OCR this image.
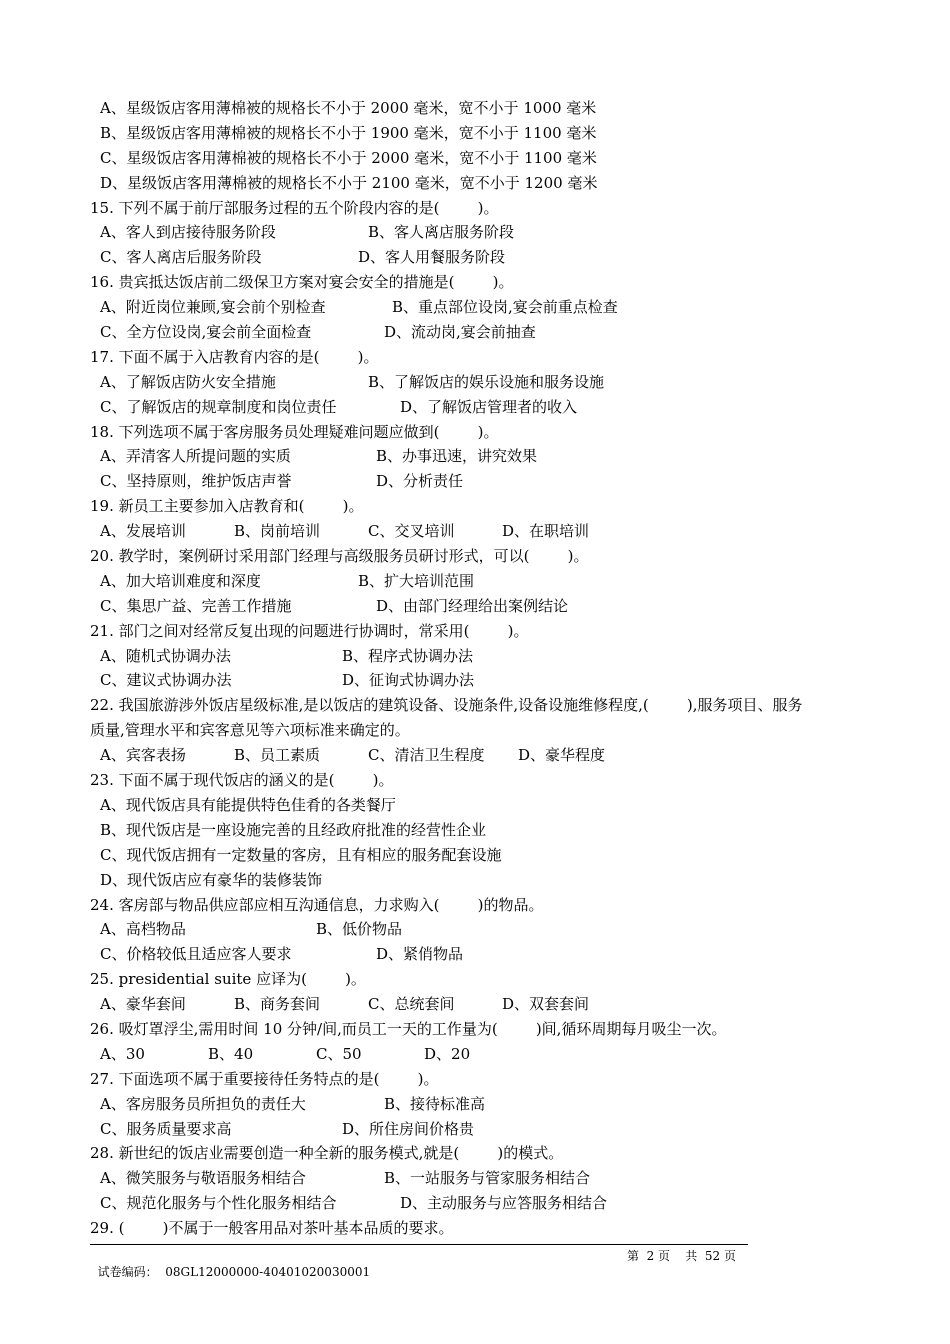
A、星级饭店客用薄棉被的规格长不小于 2000 毫米，宽不小于 1000 毫米
B、星级饭店客用薄棉被的规格长不小于 1900 毫米，宽不小于 1100 毫米
C、星级饭店客用薄棉被的规格长不小于 2000 毫米，宽不小于 1100 毫米
D、星级饭店客用薄棉被的规格长不小于 2100 毫米，宽不小于 1200 毫米
15. 下列不属于前厅部服务过程的五个阶段内容的是(        )。
A、客人到店接待服务阶段	B、客人离店服务阶段
C、客人离店后服务阶段	D、客人用餐服务阶段
16. 贵宾抵达饭店前二级保卫方案对宴会安全的措施是(        )。
A、附近岗位兼顾,宴会前个别检查	B、重点部位设岗,宴会前重点检查
C、全方位设岗,宴会前全面检查	D、流动岗,宴会前抽查
17. 下面不属于入店教育内容的是(        )。
A、了解饭店防火安全措施	B、了解饭店的娱乐设施和服务设施
C、了解饭店的规章制度和岗位责任	D、了解饭店管理者的收入
18. 下列选项不属于客房服务员处理疑难问题应做到(        )。
A、弄清客人所提问题的实质	B、办事迅速，讲究效果
C、坚持原则，维护饭店声誉	D、分析责任
19. 新员工主要参加入店教育和(        )。
A、发展培训	B、岗前培训	C、交叉培训	D、在职培训
20. 教学时，案例研讨采用部门经理与高级服务员研讨形式，可以(        )。
A、加大培训难度和深度	B、扩大培训范围
C、集思广益、完善工作措施	D、由部门经理给出案例结论
21. 部门之间对经常反复出现的问题进行协调时，常采用(        )。
A、随机式协调办法	B、程序式协调办法
C、建议式协调办法	D、征询式协调办法
22. 我国旅游涉外饭店星级标准,是以饭店的建筑设备、设施条件,设备设施维修程度,(        ),服务项目、服务
质量,管理水平和宾客意见等六项标准来确定的。
A、宾客表扬	B、员工素质	C、清洁卫生程度 D、豪华程度
23. 下面不属于现代饭店的涵义的是(        )。
A、现代饭店具有能提供特色佳肴的各类餐厅
B、现代饭店是一座设施完善的且经政府批准的经营性企业
C、现代饭店拥有一定数量的客房，且有相应的服务配套设施
D、现代饭店应有豪华的装修装饰
24. 客房部与物品供应部应相互沟通信息，力求购入(        )的物品。
A、高档物品	B、低价物品
C、价格较低且适应客人要求	D、紧俏物品
25. presidential suite 应译为(        )。
A、豪华套间	B、商务套间	C、总统套间	D、双套套间
26. 吸灯罩浮尘,需用时间 10 分钟/间,而员工一天的工作量为(        )间,循环周期每月吸尘一次。
A、30	B、40	C、50	D、20
27. 下面选项不属于重要接待任务特点的是(        )。
A、客房服务员所担负的责任大	B、接待标准高
C、服务质量要求高	D、所住房间价格贵
28. 新世纪的饭店业需要创造一种全新的服务模式,就是(        )的模式。
A、微笑服务与敬语服务相结合	B、一站服务与管家服务相结合
C、规范化服务与个性化服务相结合	D、主动服务与应答服务相结合
29. (        )不属于一般客用品对茶叶基本品质的要求。

试卷编码：  08GL12000000-40401020030001

第  2 页    共  52 页
